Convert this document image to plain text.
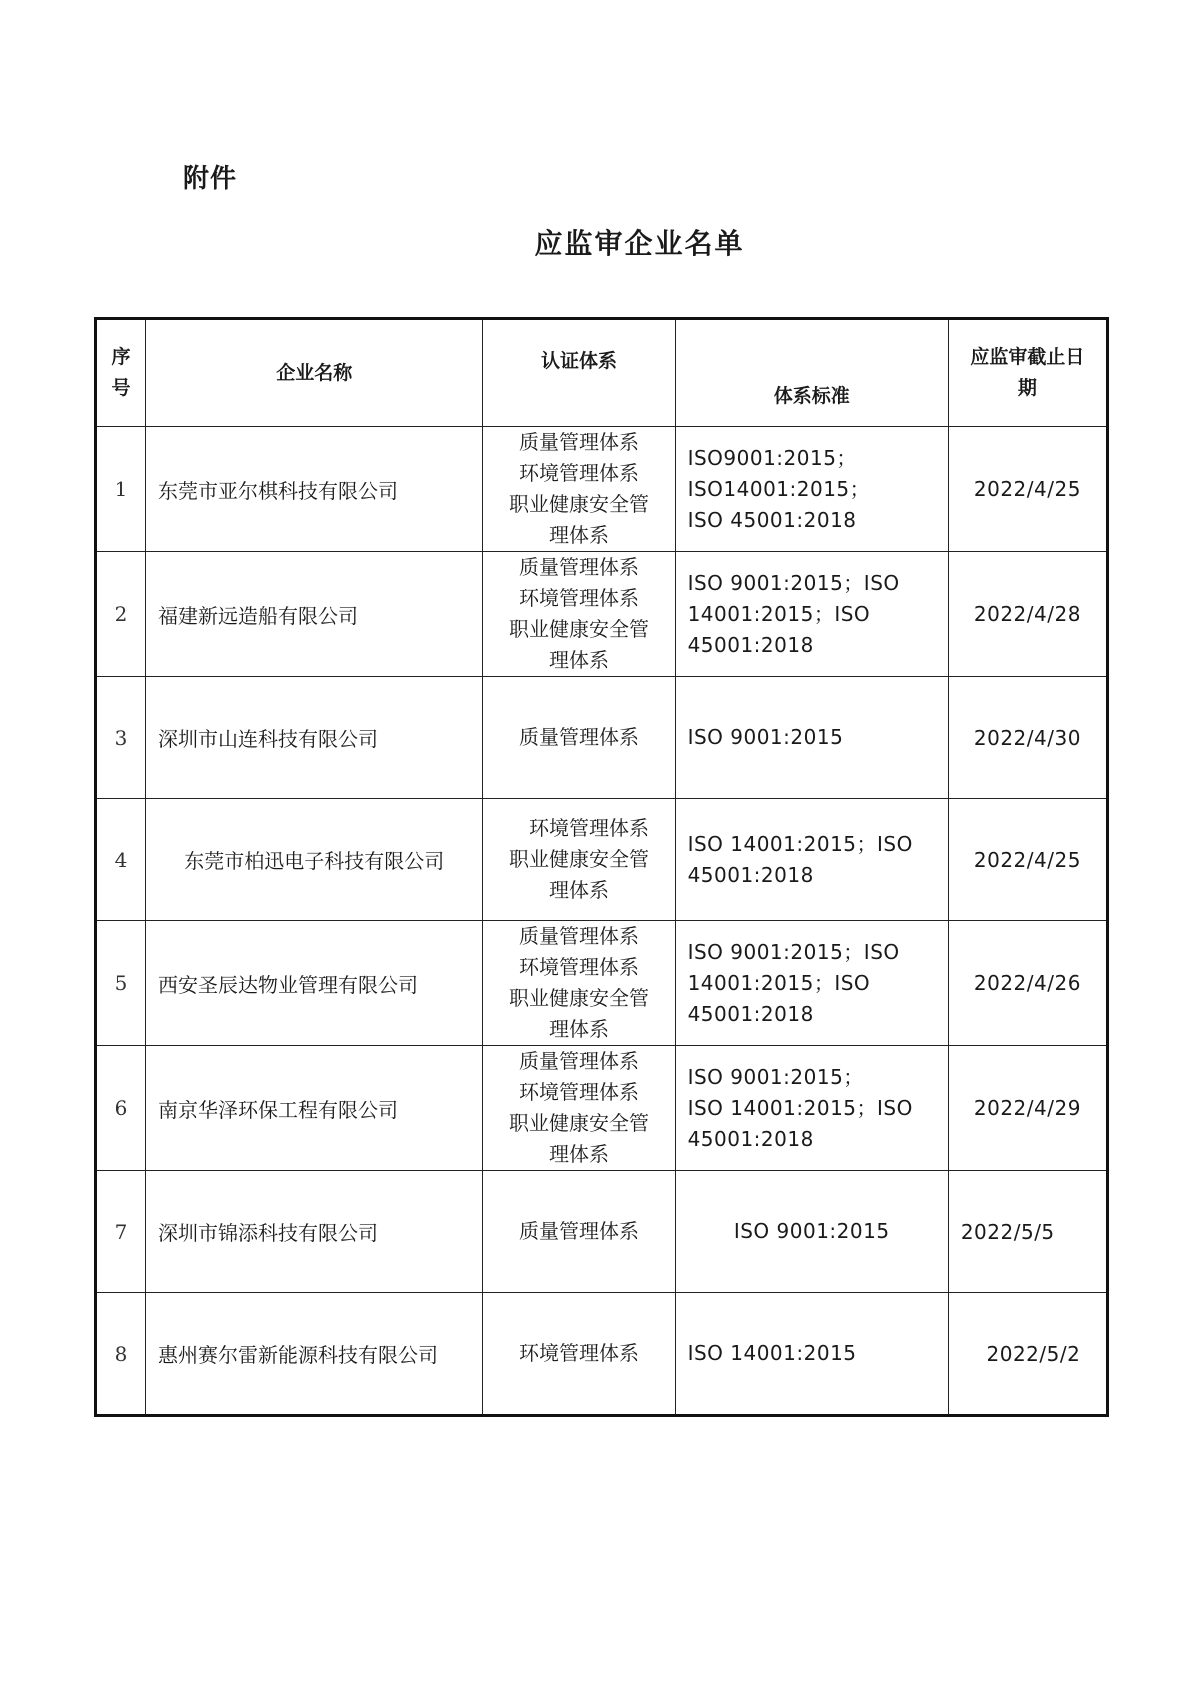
附件
应监审企业名单
序
号	企业名称	认证体系	体系标准	应监审截止日
期

1	东莞市亚尔棋科技有限公司	质量管理体系
环境管理体系
职业健康安全管
理体系	ISO9001:2015；
ISO14001:2015；
ISO 45001:2018	2022/4/25
2	福建新远造船有限公司	质量管理体系
环境管理体系
职业健康安全管
理体系	ISO 9001:2015；ISO
14001:2015；ISO
45001:2018	2022/4/28
3	深圳市山连科技有限公司	质量管理体系	ISO 9001:2015	2022/4/30
4	东莞市柏迅电子科技有限公司	环境管理体系
职业健康安全管
理体系	ISO 14001:2015；ISO
45001:2018	2022/4/25
5	西安圣辰达物业管理有限公司	质量管理体系
环境管理体系
职业健康安全管
理体系	ISO 9001:2015；ISO
14001:2015；ISO
45001:2018	2022/4/26
6	南京华泽环保工程有限公司	质量管理体系
环境管理体系
职业健康安全管
理体系	ISO 9001:2015；
ISO 14001:2015；ISO
45001:2018	2022/4/29
7	深圳市锦添科技有限公司	质量管理体系	ISO 9001:2015	2022/5/5
8	惠州赛尔雷新能源科技有限公司	环境管理体系	ISO 14001:2015	2022/5/2
